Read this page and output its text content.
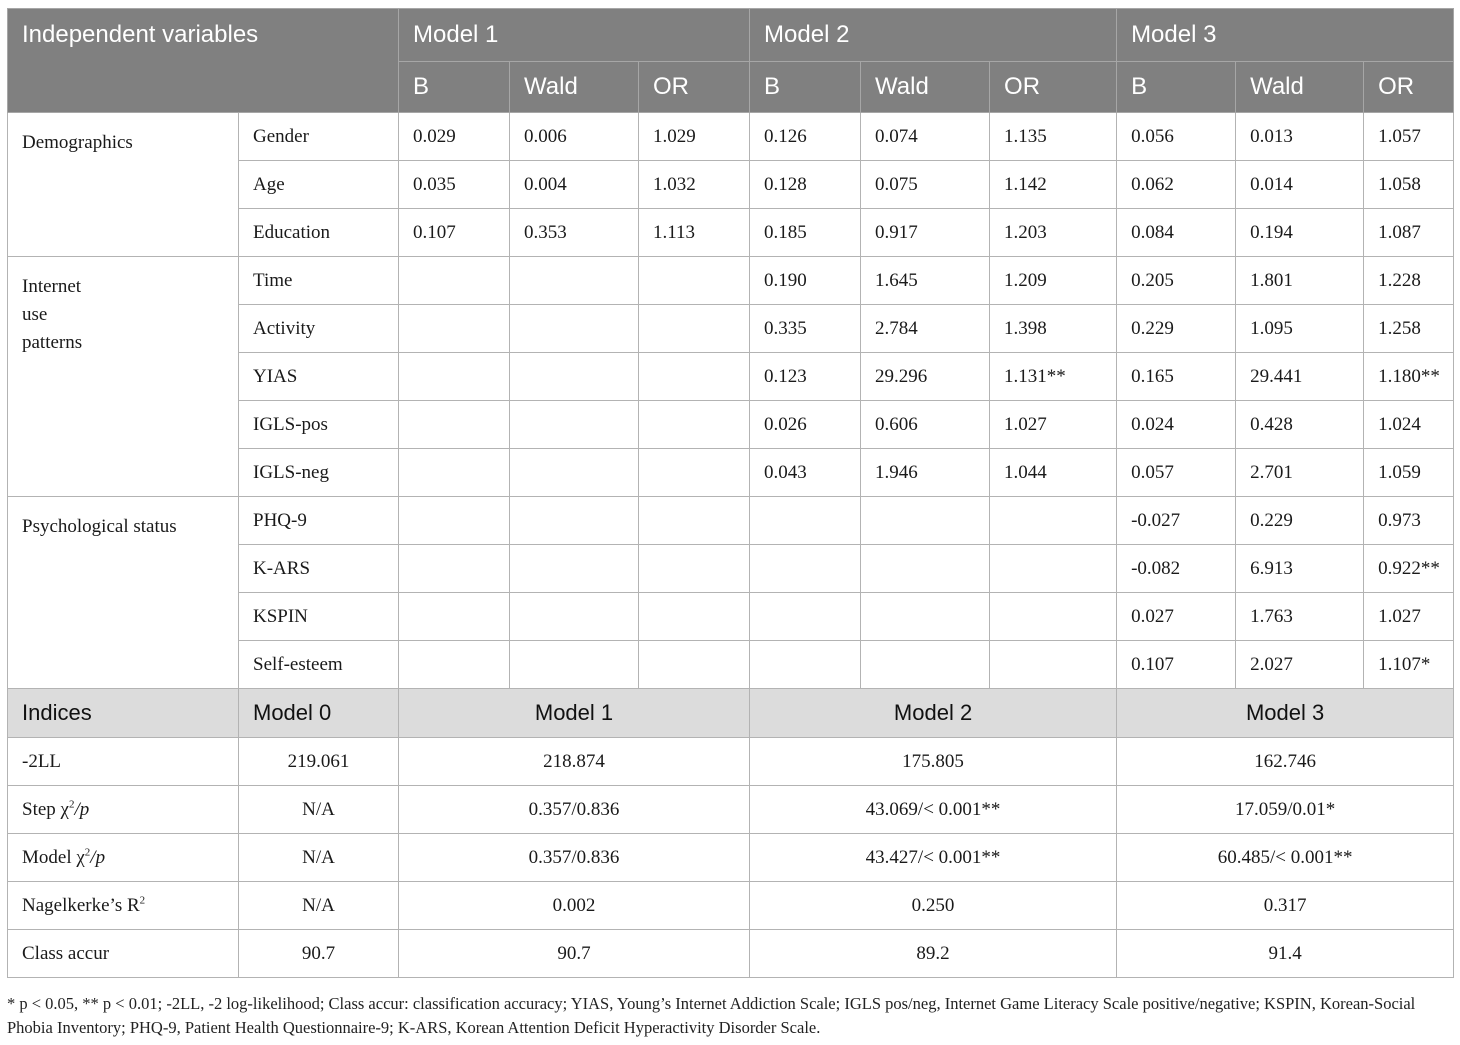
Independent variables		Model 1			Model 2			Model 3		
		B	Wald	OR	B	Wald	OR	B	Wald	OR

Demographics	Gender	0.029	0.006	1.029	0.126	0.074	1.135	0.056	0.013	1.057
	Age	0.035	0.004	1.032	0.128	0.075	1.142	0.062	0.014	1.058
	Education	0.107	0.353	1.113	0.185	0.917	1.203	0.084	0.194	1.087

Internet
use
patterns	Time				0.190	1.645	1.209	0.205	1.801	1.228
	Activity				0.335	2.784	1.398	0.229	1.095	1.258
	YIAS				0.123	29.296	1.131**	0.165	29.441	1.180**
	IGLS-pos				0.026	0.606	1.027	0.024	0.428	1.024
	IGLS-neg				0.043	1.946	1.044	0.057	2.701	1.059

Psychological status	PHQ-9							-0.027	0.229	0.973
	K-ARS							-0.082	6.913	0.922**
	KSPIN							0.027	1.763	1.027
	Self-esteem							0.107	2.027	1.107*
Indices	Model 0	Model 1			Model 2			Model 3		
-2LL	219.061	218.874			175.805			162.746		
Step $\chi^2/p$	N/A	0.357/0.836			43.069/< 0.001**			17.059/0.01*		
Model $\chi^2/p$	N/A	0.357/0.836			43.427/< 0.001**			60.485/< 0.001**		
Nagelkerke’s $R^2$	N/A	0.002			0.250			0.317		
Class accur	90.7	90.7			89.2			91.4		
* p < 0.05, ** p < 0.01; -2LL, -2 log-likelihood; Class accur: classification accuracy; YIAS, Young’s Internet Addiction Scale; IGLS pos/neg, Internet Game Literacy Scale positive/negative; KSPIN, Korean-Social Phobia Inventory; PHQ-9, Patient Health Questionnaire-9; K-ARS, Korean Attention Deficit Hyperactivity Disorder Scale.
